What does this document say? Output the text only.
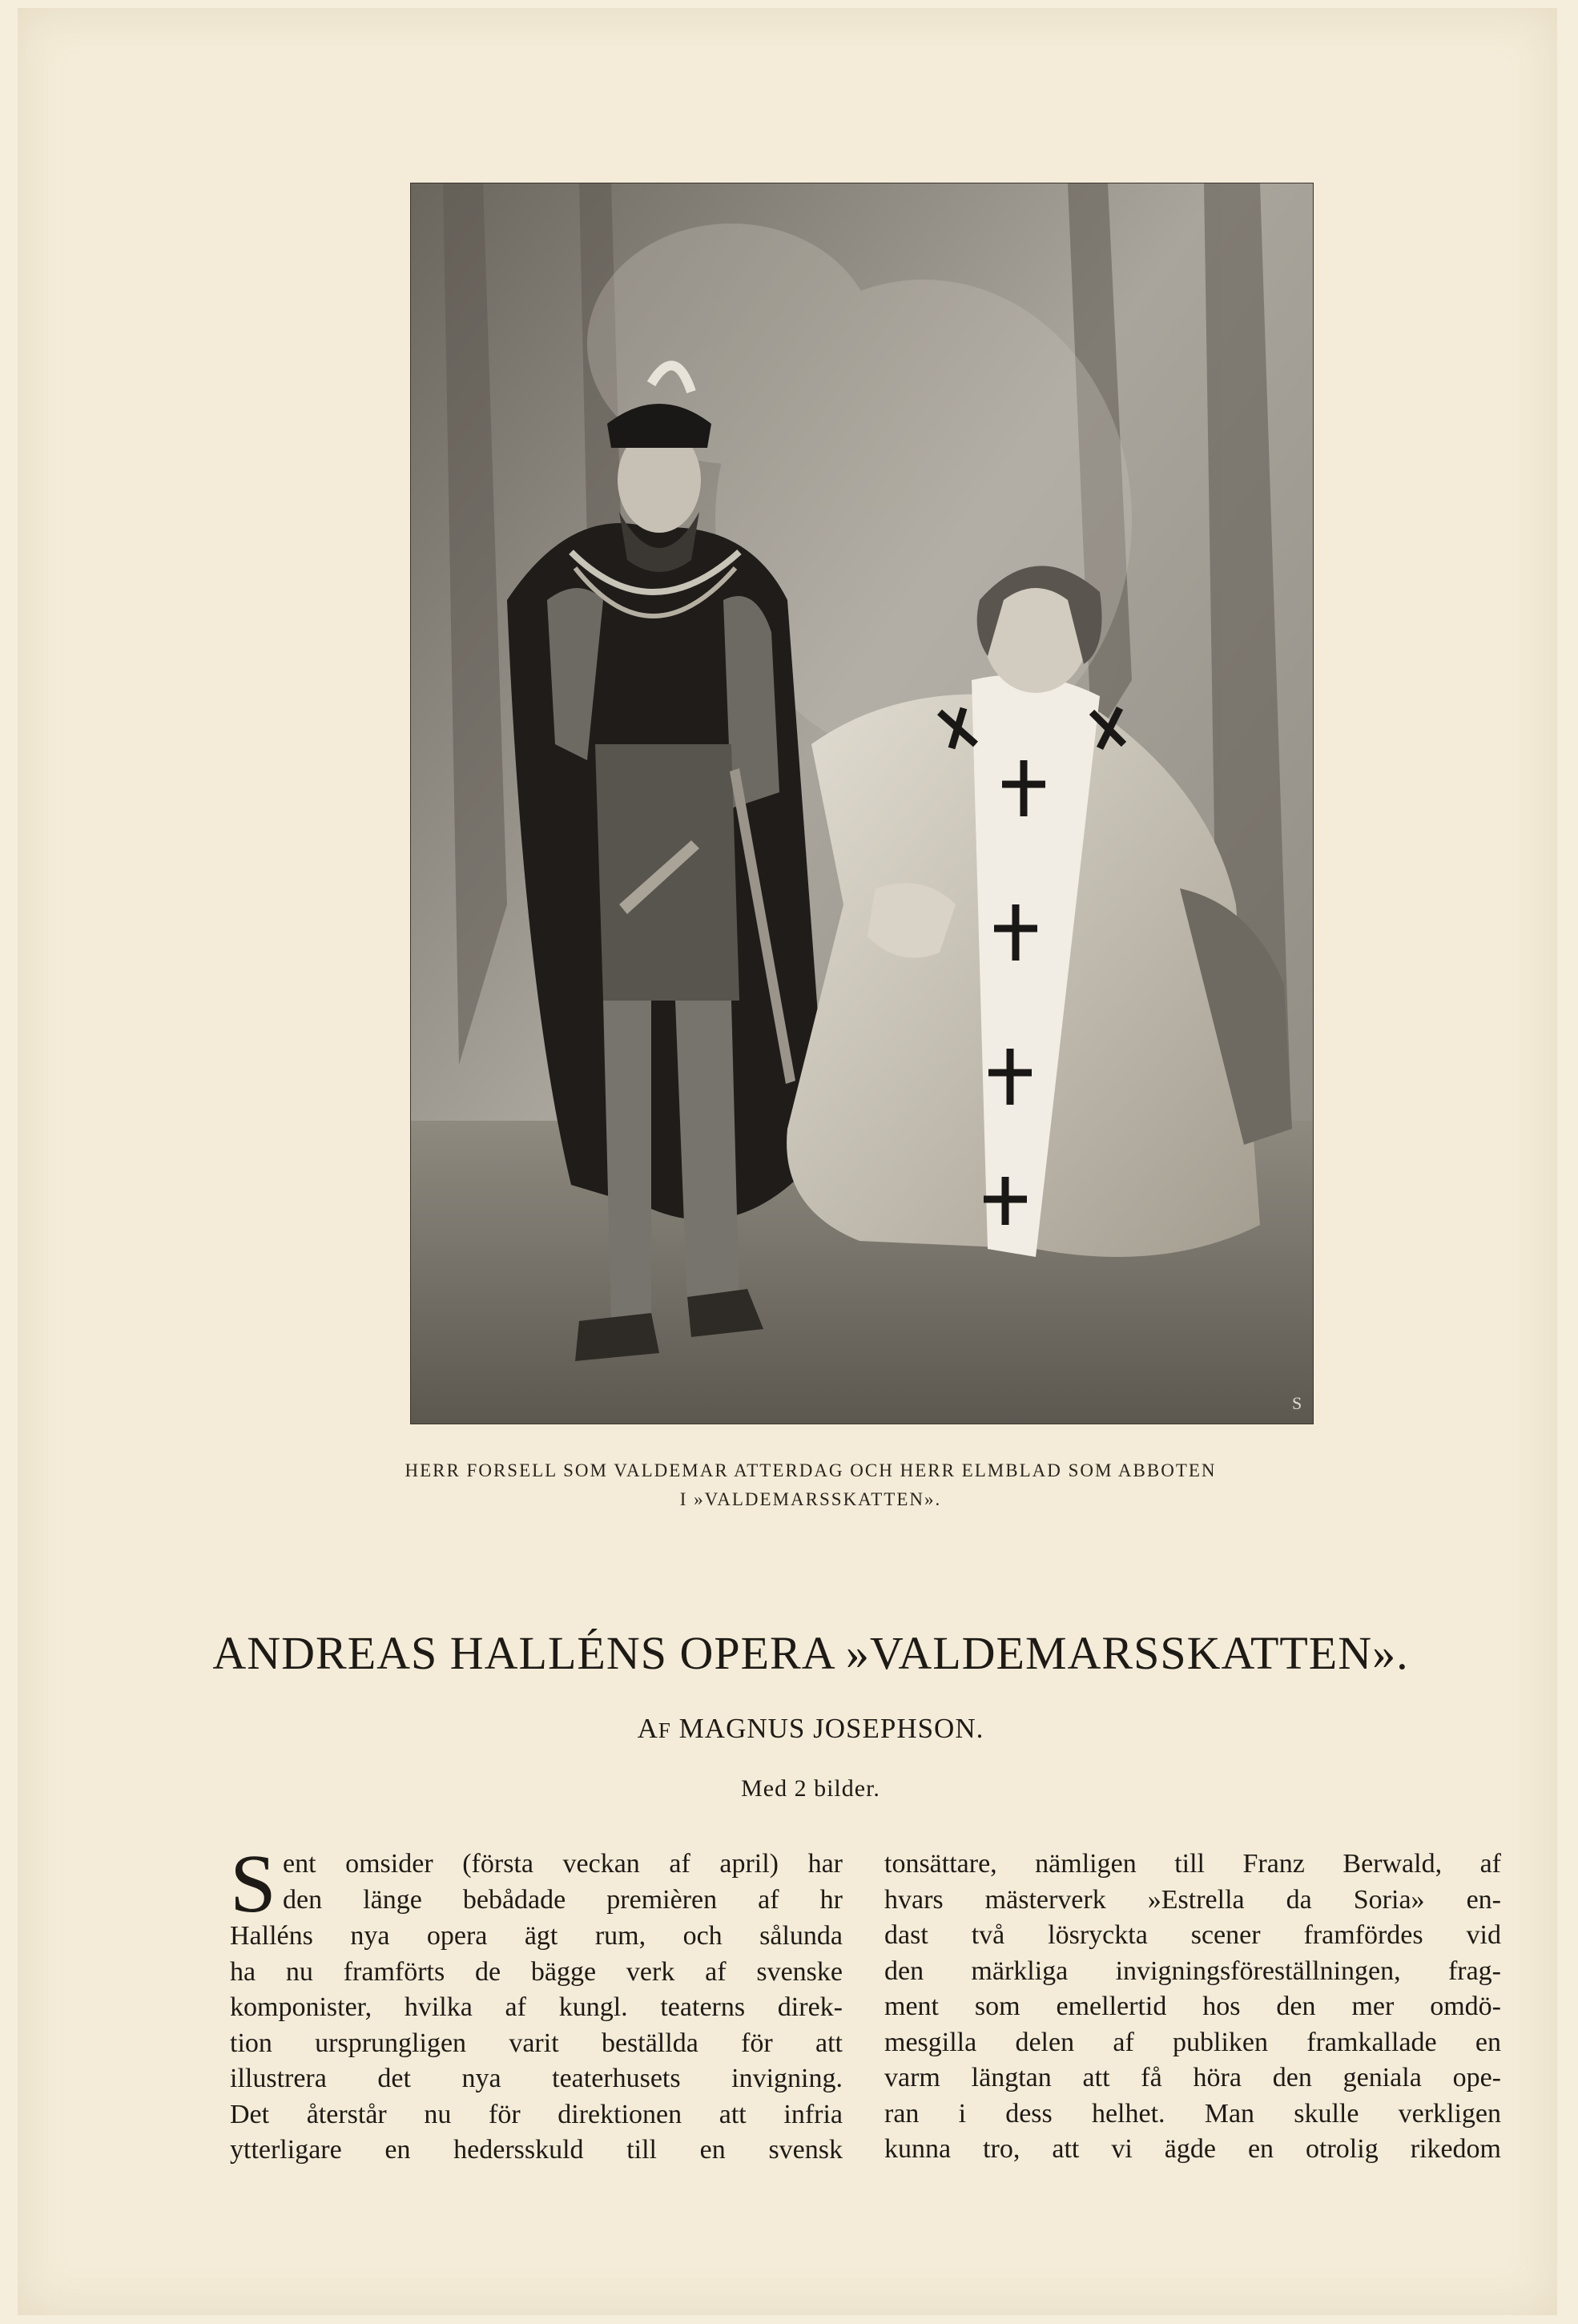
S
HERR FORSELL SOM VALDEMAR ATTERDAG OCH HERR ELMBLAD SOM ABBOTEN
I »VALDEMARSSKATTEN».
ANDREAS HALLÉNS OPERA »VALDEMARSSKATTEN».
AF MAGNUS JOSEPHSON.
Med 2 bilder.
S ent omsider (första veckan af april) har
den länge bebådade premièren af hr
Halléns nya opera ägt rum, och sålunda
ha nu framförts de bägge verk af svenske
komponister, hvilka af kungl. teaterns direk-
tion ursprungligen varit beställda för att
illustrera det nya teaterhusets invigning.
Det återstår nu för direktionen att infria
ytterligare en hedersskuld till en svensk
tonsättare, nämligen till Franz Berwald, af
hvars mästerverk »Estrella da Soria» en-
dast två lösryckta scener framfördes vid
den märkliga invigningsföreställningen, frag-
ment som emellertid hos den mer omdö-
mesgilla delen af publiken framkallade en
varm längtan att få höra den geniala ope-
ran i dess helhet. Man skulle verkligen
kunna tro, att vi ägde en otrolig rikedom
